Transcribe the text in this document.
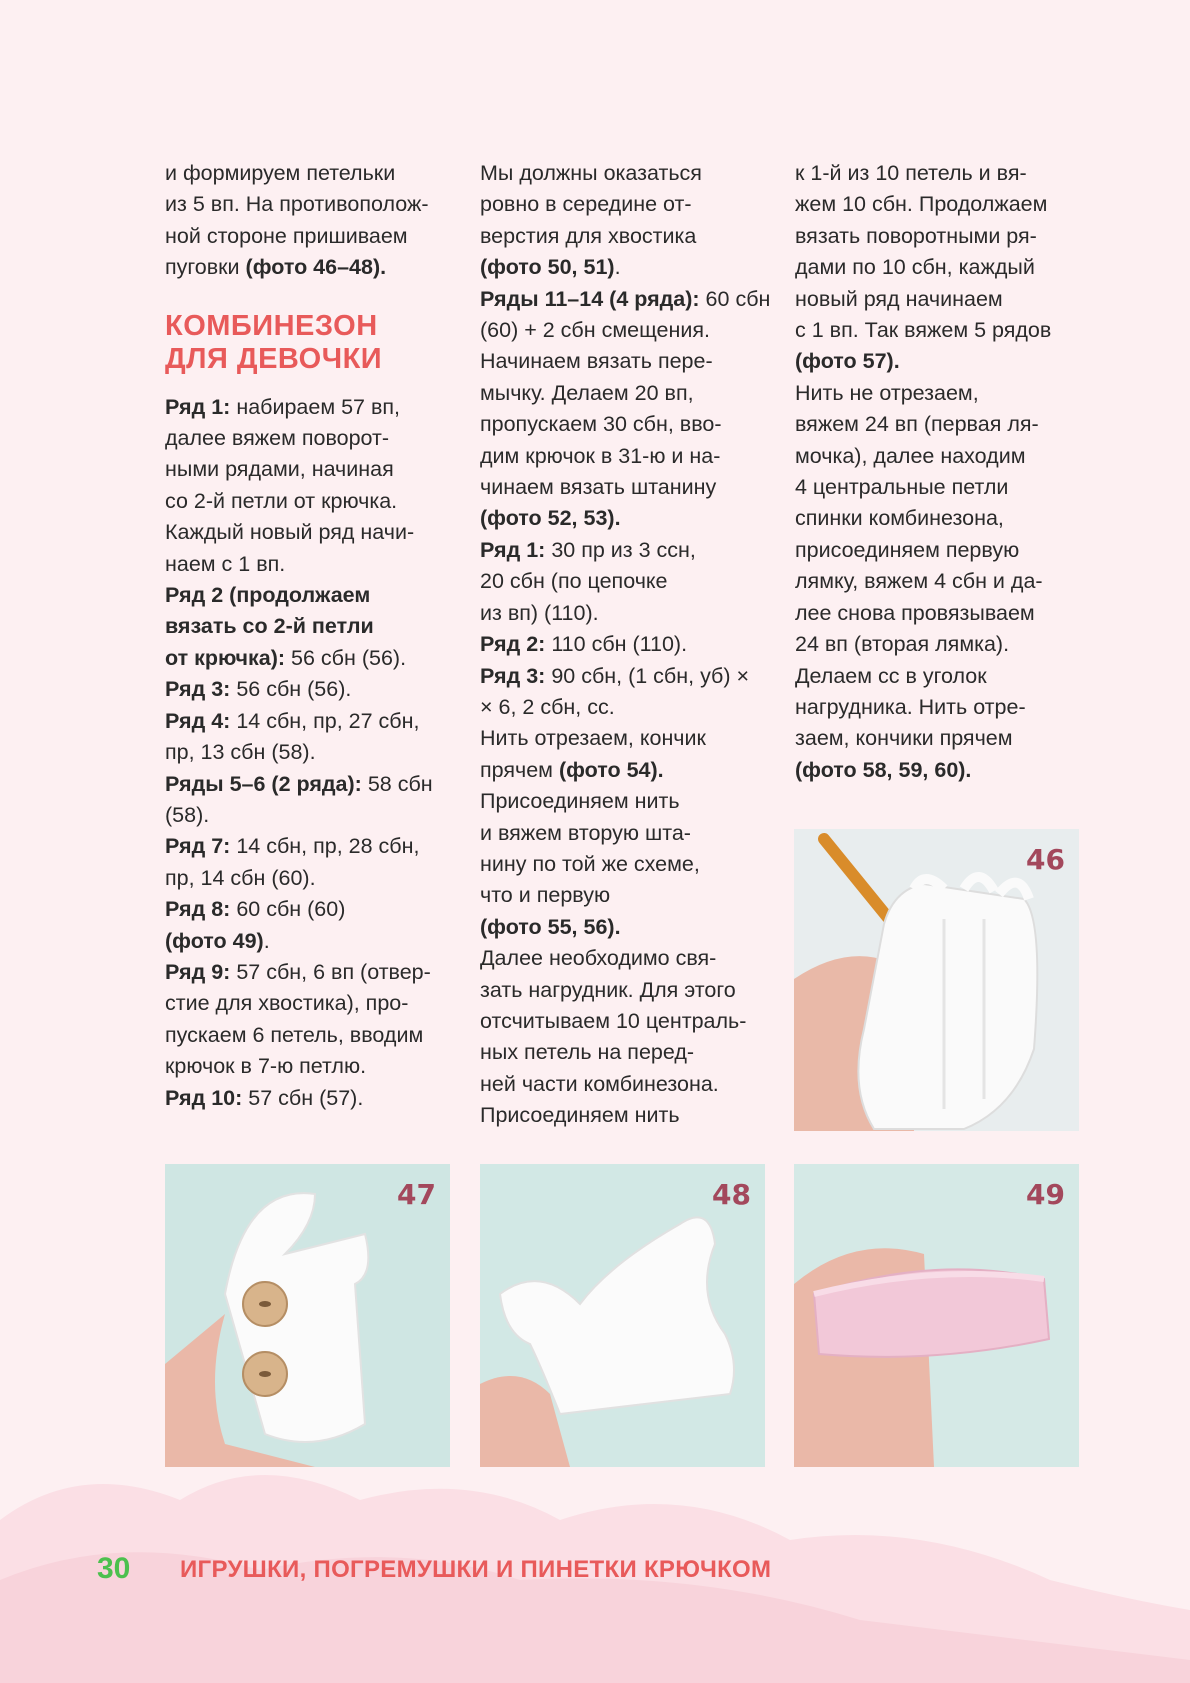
и формируем петельки
из 5 вп. На противополож-
ной стороне пришиваем
пуговки (фото 46–48).

КОМБИНЕЗОН
ДЛЯ ДЕВОЧКИ

Ряд 1: набираем 57 вп,
далее вяжем поворот-
ными рядами, начиная
со 2-й петли от крючка.
Каждый новый ряд начи-
наем с 1 вп.

Ряд 2 (продолжаем
вязать со 2-й петли
от крючка): 56 сбн (56).

Ряд 3: 56 сбн (56).

Ряд 4: 14 сбн, пр, 27 сбн,
пр, 13 сбн (58).

Ряды 5–6 (2 ряда): 58 сбн
(58).

Ряд 7: 14 сбн, пр, 28 сбн,
пр, 14 сбн (60).

Ряд 8: 60 сбн (60)
(фото 49).

Ряд 9: 57 сбн, 6 вп (отвер-
стие для хвостика), про-
пускаем 6 петель, вводим
крючок в 7-ю петлю.

Ряд 10: 57 сбн (57).

Мы должны оказаться
ровно в середине от-
верстия для хвостика
(фото 50, 51).

Ряды 11–14 (4 ряда): 60 сбн
(60) + 2 сбн смещения.

Начинаем вязать пере-
мычку. Делаем 20 вп,
пропускаем 30 сбн, вво-
дим крючок в 31-ю и на-
чинаем вязать штанину
(фото 52, 53).

Ряд 1: 30 пр из 3 ссн,
20 сбн (по цепочке
из вп) (110).

Ряд 2: 110 сбн (110).

Ряд 3: 90 сбн, (1 сбн, уб) ×
× 6, 2 сбн, сс.

Нить отрезаем, кончик
прячем (фото 54).

Присоединяем нить
и вяжем вторую шта-
нину по той же схеме,
что и первую
(фото 55, 56).

Далее необходимо свя-
зать нагрудник. Для этого
отсчитываем 10 централь-
ных петель на перед-
ней части комбинезона.
Присоединяем нить

к 1-й из 10 петель и вя-
жем 10 сбн. Продолжаем
вязать поворотными ря-
дами по 10 сбн, каждый
новый ряд начинаем
с 1 вп. Так вяжем 5 рядов
(фото 57).

Нить не отрезаем,
вяжем 24 вп (первая ля-
мочка), далее находим
4 центральные петли
спинки комбинезона,
присоединяем первую
лямку, вяжем 4 сбн и да-
лее снова провязываем
24 вп (вторая лямка).
Делаем сс в уголок
нагрудника. Нить отре-
заем, кончики прячем
(фото 58, 59, 60).

46
47	48	49
30 ИГРУШКИ, ПОГРЕМУШКИ И ПИНЕТКИ КРЮЧКОМ
